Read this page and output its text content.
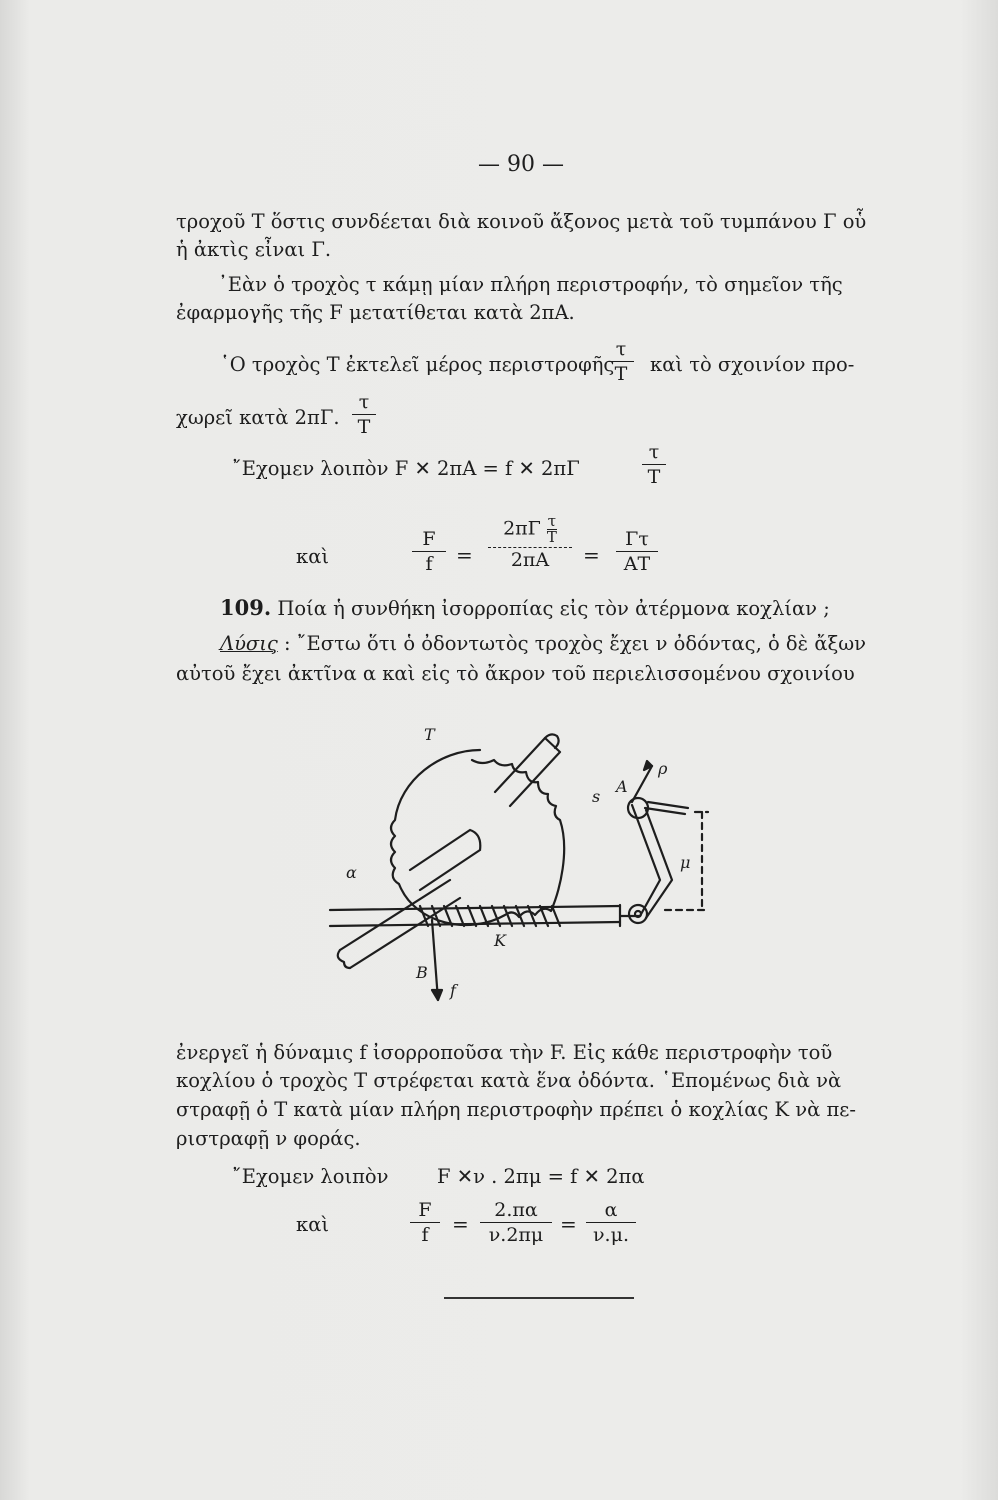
— 90 —
τροχοῦ Τ ὅστις συνδέεται διὰ κοινοῦ ἄξονος μετὰ τοῦ τυμπάνου Γ οὗ
ἡ ἀκτὶς εἶναι Γ.
᾿Εὰν ὁ τροχὸς τ κάμῃ μίαν πλήρη περιστροφήν, τὸ σημεῖον τῆς
ἐφαρμογῆς τῆς F μετατίθεται κατὰ 2πΑ.
῾Ο τροχὸς Τ ἐκτελεῖ μέρος περιστροφῆς
$\frac{\tau}{T}$ καὶ τὸ σχοινίον προ-
χωρεῖ κατὰ 2πΓ. $\frac{\tau}{T}$
῎Εχομεν λοιπὸν F ✕ 2πΑ = f ✕ 2πΓ	$\frac{\tau}{T}$
καὶ	$\frac{F}{f} = \frac{2\pi\Gamma \frac{\tau}{T}}{2\pi A} = \frac{\Gamma\tau}{AT}$
109. Ποία ἡ συνθήκη ἰσορροπίας εἰς τὸν ἀτέρμονα κοχλίαν ;
Λύσις : ῎Εστω ὅτι ὁ ὀδοντωτὸς τροχὸς ἔχει ν ὀδόντας, ὁ δὲ ἄξων
αὐτοῦ ἔχει ἀκτῖνα α καὶ εἰς τὸ ἄκρον τοῦ περιελισσομένου σχοινίου
T
A
ρ
s
K
B
f
μ
α
ἐνεργεῖ ἡ δύναμις f ἰσορροποῦσα τὴν F. Εἰς κάθε περιστροφὴν τοῦ
κοχλίου ὁ τροχὸς Τ στρέφεται κατὰ ἕνα ὀδόντα. ῾Επομένως διὰ νὰ
στραφῇ ὁ Τ κατὰ μίαν πλήρη περιστροφὴν πρέπει ὁ κοχλίας Κ νὰ πε-
ριστραφῇ ν φοράς.
῎Εχομεν λοιπὸν F ✕ν . 2πμ = f ✕ 2πα
καὶ	$\frac{F}{f} = \frac{2.\pi\alpha}{\nu.2\pi\mu} = \frac{\alpha}{\nu.\mu.}$
